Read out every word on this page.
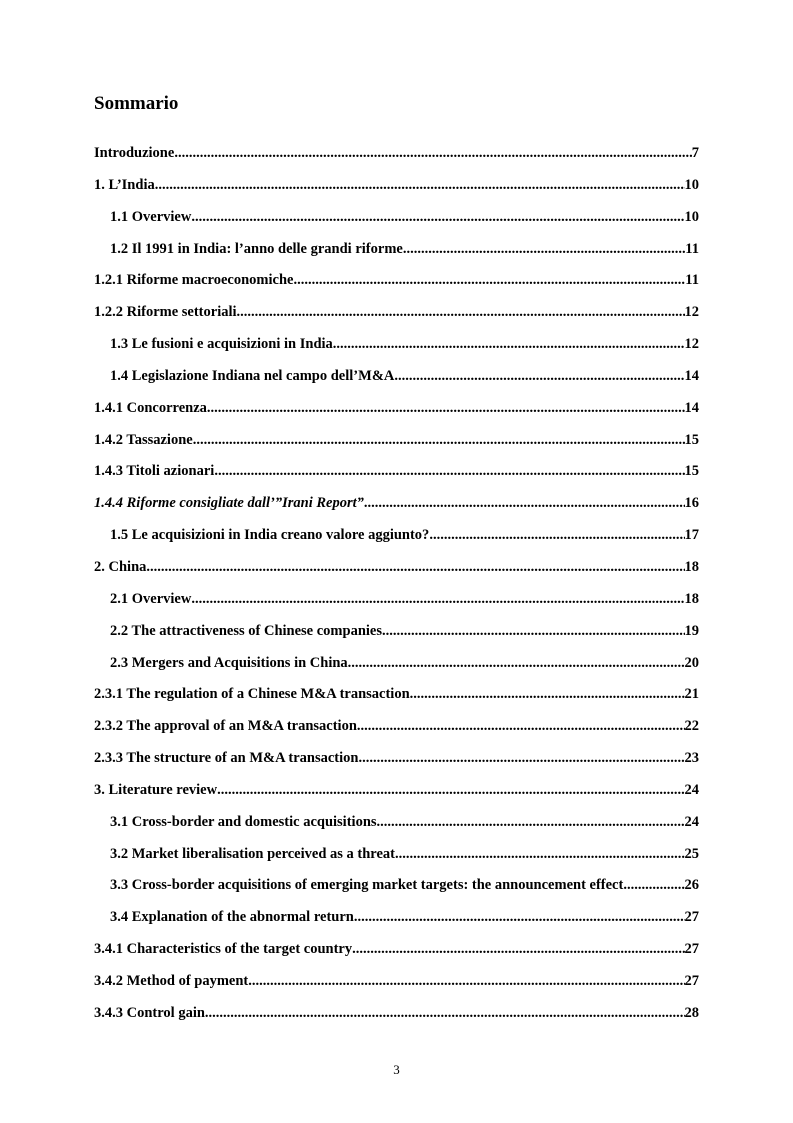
Sommario
Introduzione .....	7
1. L’India .....	10
1.1 Overview .....	10
1.2 Il 1991 in India: l’anno delle grandi riforme .....	11
1.2.1 Riforme macroeconomiche .....	11
1.2.2 Riforme settoriali .....	12
1.3 Le fusioni e acquisizioni in India .....	12
1.4 Legislazione Indiana nel campo dell’M&A .....	14
1.4.1 Concorrenza .....	14
1.4.2 Tassazione .....	15
1.4.3 Titoli azionari .....	15
1.4.4 Riforme consigliate dall’”Irani Report” .....	16
1.5 Le acquisizioni in India creano valore aggiunto? .....	17
2. China .....	18
2.1 Overview .....	18
2.2 The attractiveness of Chinese companies .....	19
2.3 Mergers and Acquisitions in China .....	20
2.3.1 The regulation of a Chinese M&A transaction .....	21
2.3.2 The approval of an M&A transaction .....	22
2.3.3 The structure of an M&A transaction .....	23
3. Literature review .....	24
3.1 Cross-border and domestic acquisitions .....	24
3.2 Market liberalisation perceived as a threat .....	25
3.3 Cross-border acquisitions of emerging market targets: the announcement effect .....	26
3.4 Explanation of the abnormal return .....	27
3.4.1 Characteristics of the target country .....	27
3.4.2 Method of payment .....	27
3.4.3 Control gain .....	28
3
